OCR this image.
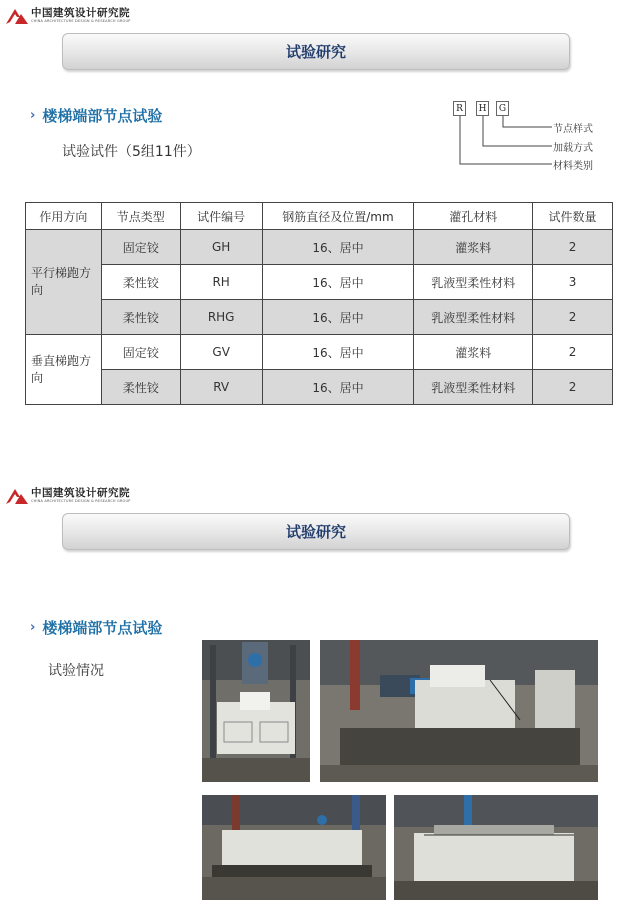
中国建筑设计研究院
CHINA ARCHITECTURE DESIGN & RESEARCH GROUP
试验研究
› 楼梯端部节点试验
试验试件（5组11件）
R	H	G
节点样式
加载方式
材料类别
作用方向	节点类型	试件编号	钢筋直径及位置/mm	灌孔材料	试件数量
平行梯跑方向	固定铰	GH	16、居中	灌浆料	2
	柔性铰	RH	16、居中	乳液型柔性材料	3
	柔性铰	RHG	16、居中	乳液型柔性材料	2
垂直梯跑方向	固定铰	GV	16、居中	灌浆料	2
	柔性铰	RV	16、居中	乳液型柔性材料	2
中国建筑设计研究院
CHINA ARCHITECTURE DESIGN & RESEARCH GROUP
试验研究
› 楼梯端部节点试验
试验情况
